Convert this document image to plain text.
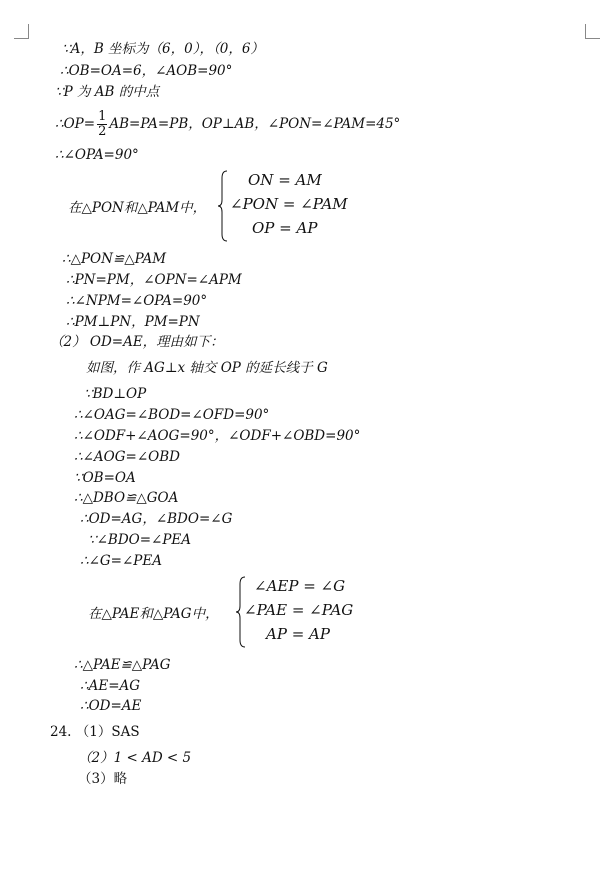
∵A，B 坐标为（6，0），（0，6）
∴OB=OA=6，∠AOB=90°
∵P 为 AB 的中点
∴∠OPA=90°
∴△PON≌△PAM
∴PN=PM，∠OPN=∠APM
∴∠NPM=∠OPA=90°
∴PM⊥PN，PM=PN
（2） OD=AE，理由如下：
如图，作 AG⊥x 轴交 OP 的延长线于 G
∵BD⊥OP
∴∠OAG=∠BOD=∠OFD=90°
∴∠ODF+∠AOG=90°，∠ODF+∠OBD=90°
∴∠AOG=∠OBD
∵OB=OA
∴△DBO≌△GOA
∴OD=AG，∠BDO=∠G
∵∠BDO=∠PEA
∴∠G=∠PEA
∴△PAE≌△PAG
∴AE=AG
∴OD=AE
24. （1）SAS
（2）1 < AD < 5
（3）略
∴OP= $\frac{1}{2} AB=PA=PB$，OP⊥AB，∠PON=∠PAM=45°
在△PON和△PAM中，
ON = AM
∠PON = ∠PAM
OP = AP
在△PAE和△PAG中，
∠AEP = ∠G
∠PAE = ∠PAG
AP = AP
